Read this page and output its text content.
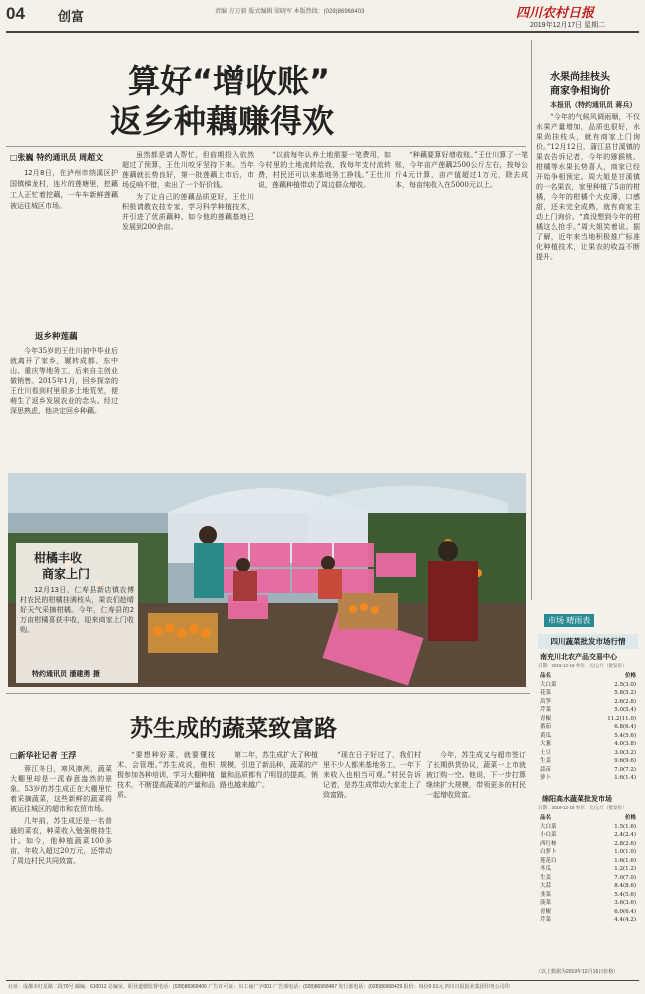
04	创富	责编 方万毅 版式编辑 梁晓军 本版热线：(028)86968403	四川农村日报
2019年12月17日 星期二
算好“增收账”
返乡种藕赚得欢
□张巍 特约通讯员 周超文

12月8日，在泸州市纳溪区护国镇梯龙村，连片的莲塘里，挖藕工人正忙着挖藕，一车车新鲜莲藕被运往城区市场。

返乡种莲藕

今年35岁的王仕川初中毕业后就离开了家乡，辗转成都、东中山、重庆等地务工，后来自主创业做销售。2015年1月，回乡探亲的王仕川看到村里很多土地荒芜，便萌生了返乡发展农业的念头。经过深思熟虑，他决定回乡种藕。

虽然都是请人帮忙，但前期投入依然超过了预算，王仕川咬牙坚持下来。当年莲藕就长势良好，第一批莲藕上市后，市场反响不错，卖出了一个好价钱。

为了让自己的莲藕品质更好，王仕川积极请教农技专家，学习科学种植技术，并引进了优质藕种。如今他的莲藕基地已发展到200余亩。

“以前每年认养土地需要一笔费用，如今村里的土地流转给我，我每年支付流转费，村民还可以来基地务工挣钱。”王仕川说，莲藕种植带动了周边群众增收。

“种藕要算好增收账。”王仕川算了一笔账，今年亩产莲藕2500公斤左右，按每公斤4元计算，亩产值超过1万元，除去成本，每亩纯收入在5000元以上。

水果尚挂枝头
商家争相询价

本报讯（特约通讯员 蒋兵）

“今年的气候风调雨顺，不仅水果产量增加，品质也很好，水果尚挂枝头，就有商家上门询价。”12月12日，蒲江县甘溪镇的果农告诉记者，今年的猕猴桃、柑橘等水果长势喜人，商家已经开始争相预定。周大姐是甘溪镇的一名果农，家里种植了5亩的柑橘，今年的柑橘个大皮薄，口感甜，还未完全成熟，就有商家主动上门询价。“真没想到今年的柑橘这么抢手。”周大姐笑着说。据了解，近年来当地积极推广标准化种植技术，让果农的收益不断提升。

柑橘丰收
商家上门

12月13日，仁寿县新店镇农博村农民的柑橘挂满枝头，果农们趁晴好天气采摘柑橘。今年，仁寿县的2万亩柑橘喜获丰收，迎来商家上门收购。

特约通讯员 潘建勇 摄
市场 晴雨表
四川蔬菜批发市场行情
南充川北农产品交易中心
日期：2019-12-16 单位：元/公斤（批发价）
品名	价格
大白菜	2.5(3.0)
花菜	5.8(5.2)
莴笋	2.6(2.8)
芹菜	5.0(5.4)
青椒	11.2(11.0)
番茄	6.8(6.4)
黄瓜	5.4(5.6)
大葱	4.0(3.8)
土豆	3.0(3.2)
生姜	9.6(9.6)
蒜苗	7.0(7.2)
萝卜	1.6(1.4)
绵阳高水蔬菜批发市场
日期：2019-12-16 单位：元/公斤（批发价）
品名	价格
大白菜	1.5(1.6)
小白菜	2.4(2.4)
西红柿	2.8(2.6)
白萝卜	1.0(1.0)
莲花白	1.6(1.6)
冬瓜	1.2(1.2)
生姜	7.0(7.0)
大蒜	8.4(8.6)
韭菜	5.4(5.6)
菠菜	3.6(3.6)
青椒	6.0(6.4)
芹菜	4.4(4.2)
（以上数据为2019年12月16日价格）
苏生成的蔬菜致富路
□新华社记者 王浮

蓉江冬日，寒风凛冽，蔬菜大棚里却是一派春意盎然的景象。53岁的苏生成正在大棚里忙着采摘蔬菜，这些新鲜的蔬菜将被运往城区的超市和农贸市场。

几年前，苏生成还是一名普通的菜农，种菜收入勉强维持生计。如今，他种植蔬菜100多亩，年收入超过20万元，还带动了周边村民共同致富。

“要想种好菜，就要懂技术、会管理。”苏生成说，他积极参加各种培训，学习大棚种植技术，不断提高蔬菜的产量和品质。

第二年，苏生成扩大了种植规模，引进了新品种，蔬菜的产量和品质都有了明显的提高，销路也越来越广。

“现在日子好过了，我们村里不少人都来基地务工，一年下来收入也相当可观。”村民告诉记者，是苏生成带动大家走上了致富路。

今年，苏生成又与超市签订了长期供货协议，蔬菜一上市就被订购一空。他说，下一步打算继续扩大规模，带领更多的村民一起增收致富。

社址：成都市红星路二段70号 邮编：610012 总编室、职业道德监督电话：(028)86968406 广告许可证：川工商广字001 广告部电话：(028)86968487 发行部电话：(028)86968429 报价：每份0.51元 四川日报报业集团印务公司印
